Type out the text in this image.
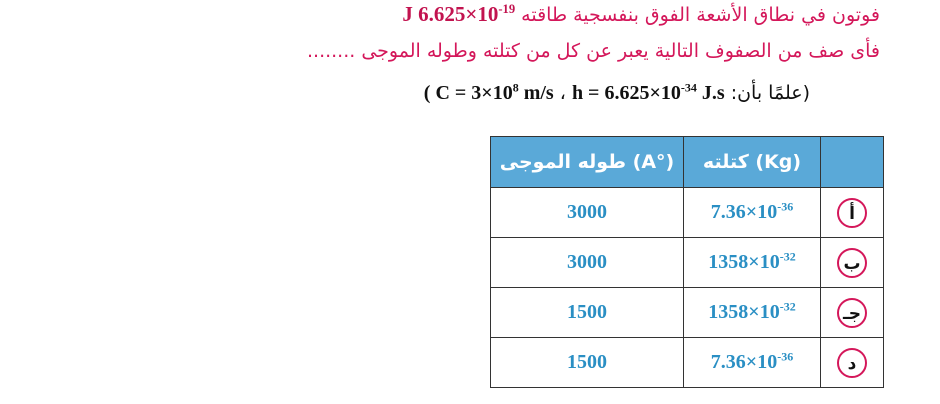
فوتون في نطاق الأشعة الفوق بنفسجية طاقته J $6.625\times 10^{-19}$
فأى صف من الصفوف التالية يعبر عن كل من كتلته وطوله الموجى ........
(علمًا بأن: $h = 6.625\times 10^{-34}$ J.s ، ( $C = 3\times 10^8$ m/s
طوله الموجى (A°)	كتلته (Kg)	
3000	$7.36\times 10^{-36}$	أ
3000	$1358\times 10^{-32}$	ب
1500	$1358\times 10^{-32}$	جـ
1500	$7.36\times 10^{-36}$	د
